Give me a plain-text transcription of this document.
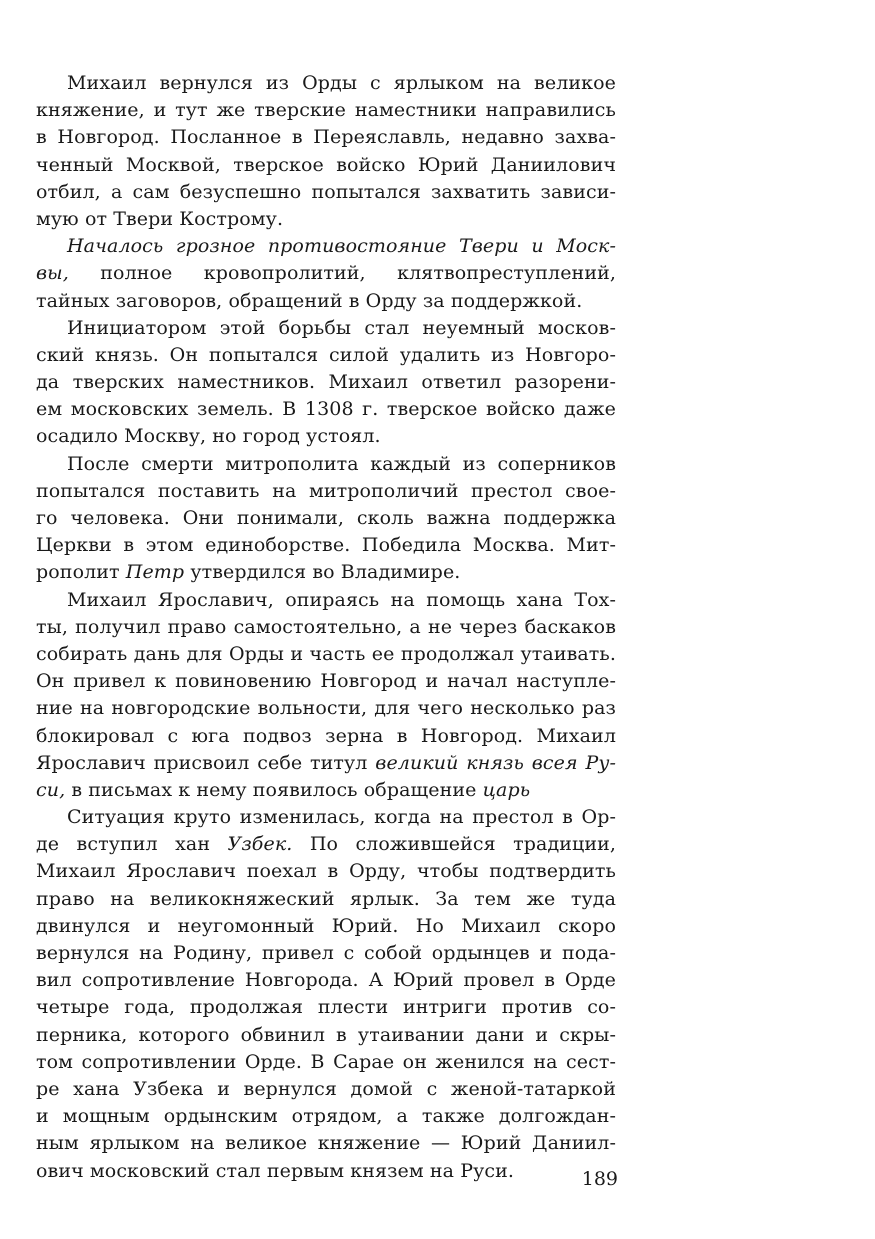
Михаил вернулся из Орды с ярлыком на великое
княжение, и тут же тверские наместники направились
в Новгород. Посланное в Переяславль, недавно захва-
ченный Москвой, тверское войско Юрий Даниилович
отбил, а сам безуспешно попытался захватить зависи-
мую от Твери Кострому.
Началось грозное противостояние Твери и Моск-
вы, полное кровопролитий, клятвопреступлений,
тайных заговоров, обращений в Орду за поддержкой.
Инициатором этой борьбы стал неуемный москов-
ский князь. Он попытался силой удалить из Новгоро-
да тверских наместников. Михаил ответил разорени-
ем московских земель. В 1308 г. тверское войско даже
осадило Москву, но город устоял.
После смерти митрополита каждый из соперников
попытался поставить на митрополичий престол свое-
го человека. Они понимали, сколь важна поддержка
Церкви в этом единоборстве. Победила Москва. Мит-
рополит Петр утвердился во Владимире.
Михаил Ярославич, опираясь на помощь хана Тох-
ты, получил право самостоятельно, а не через баскаков
собирать дань для Орды и часть ее продолжал утаивать.
Он привел к повиновению Новгород и начал наступле-
ние на новгородские вольности, для чего несколько раз
блокировал с юга подвоз зерна в Новгород. Михаил
Ярославич присвоил себе титул великий князь всея Ру-
си, в письмах к нему появилось обращение царь
Ситуация круто изменилась, когда на престол в Ор-
де вступил хан Узбек. По сложившейся традиции,
Михаил Ярославич поехал в Орду, чтобы подтвердить
право на великокняжеский ярлык. За тем же туда
двинулся и неугомонный Юрий. Но Михаил скоро
вернулся на Родину, привел с собой ордынцев и пода-
вил сопротивление Новгорода. А Юрий провел в Орде
четыре года, продолжая плести интриги против со-
перника, которого обвинил в утаивании дани и скры-
том сопротивлении Орде. В Сарае он женился на сест-
ре хана Узбека и вернулся домой с женой-татаркой
и мощным ордынским отрядом, а также долгождан-
ным ярлыком на великое княжение — Юрий Даниил-
ович московский стал первым князем на Руси.	189
